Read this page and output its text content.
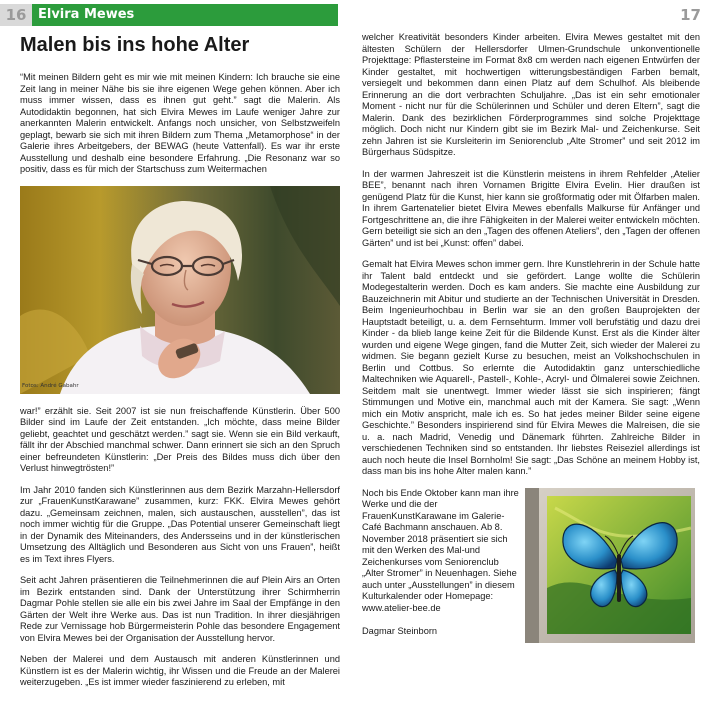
16 Elvira Mewes	17
Malen bis ins hohe Alter

“Mit meinen Bildern geht es mir wie mit meinen Kindern: Ich brauche sie eine Zeit lang in meiner Nähe bis sie ihre eigenen Wege gehen können. Aber ich muss immer wissen, dass es ihnen gut geht.” sagt die Malerin. Als Autodidaktin begonnen, hat sich Elvira Mewes im Laufe weniger Jahre zur anerkannten Malerin entwickelt. Anfangs noch unsicher, von Selbstzweifeln geplagt, bewarb sie sich mit ihren Bildern zum Thema „Metamorphose“ in der Galerie ihres Arbeitgebers, der BEWAG (heute Vattenfall). Es war ihr erste Ausstellung und deshalb eine besondere Erfahrung. „Die Resonanz war so positiv, dass es für mich der Startschuss zum Weitermachen

Fotos: André Gabahr

war!” erzählt sie. Seit 2007 ist sie nun freischaffende Künstlerin. Über 500 Bilder sind im Laufe der Zeit entstanden. „Ich möchte, dass meine Bilder geliebt, geachtet und geschätzt werden.” sagt sie. Wenn sie ein Bild verkauft, fällt ihr der Abschied manchmal schwer. Dann erinnert sie sich an den Spruch einer befreundeten Künstlerin: „Der Preis des Bildes muss dich über den Verlust hinwegtrösten!”

Im Jahr 2010 fanden sich Künstlerinnen aus dem Bezirk Marzahn-Hellersdorf zur „FrauenKunstKarawane” zusammen, kurz: FKK. Elvira Mewes gehört dazu. „Gemeinsam zeichnen, malen, sich austauschen, ausstellen”, das ist noch immer wichtig für die Gruppe. „Das Potential unserer Gemeinschaft liegt in der Dynamik des Miteinanders, des Andersseins und in der künstlerischen Umsetzung des Alltäglich und Besonderen aus Sicht von uns Frauen”, heißt es im Text ihres Flyers.

Seit acht Jahren präsentieren die Teilnehmerinnen die auf Plein Airs an Orten im Bezirk entstanden sind. Dank der Unterstützung ihrer Schirmherrin Dagmar Pohle stellen sie alle ein bis zwei Jahre im Saal der Empfänge in den Gärten der Welt ihre Werke aus. Das ist nun Tradition. In ihrer diesjährigen Rede zur Vernissage hob Bürgermeisterin Pohle das besondere Engagement von Elvira Mewes bei der Organisation der Ausstellung hervor.

Neben der Malerei und dem Austausch mit anderen Künstlerinnen und Künstlern ist es der Malerin wichtig, ihr Wissen und die Freude an der Malerei weiterzugeben. „Es ist immer wieder faszinierend zu erleben, mit

welcher Kreativität besonders Kinder arbeiten. Elvira Mewes gestaltet mit den ältesten Schülern der Hellersdorfer Ulmen-Grundschule unkonventionelle Projekttage: Pflastersteine im Format 8x8 cm werden nach eigenen Entwürfen der Kinder gestaltet, mit hochwertigen witterungsbeständigen Farben bemalt, versiegelt und bekommen dann einen Platz auf dem Schulhof. Als bleibende Erinnerung an die dort verbrachten Schuljahre. „Das ist ein sehr emotionaler Moment - nicht nur für die Schülerinnen und Schüler und deren Eltern”, sagt die Malerin. Dank des bezirklichen Förderprogrammes sind solche Projekttage möglich. Doch nicht nur Kindern gibt sie im Bezirk Mal- und Zeichenkurse. Seit zehn Jahren ist sie Kursleiterin im Seniorenclub „Alte Stromer” und seit 2012 im Bürgerhaus Südspitze.

In der warmen Jahreszeit ist die Künstlerin meistens in ihrem Rehfelder „Atelier BEE”, benannt nach ihren Vornamen Brigitte Elvira Evelin. Hier draußen ist genügend Platz für die Kunst, hier kann sie großformatig oder mit Ölfarben malen. In ihrem Gartenatelier bietet Elvira Mewes ebenfalls Malkurse für Anfänger und Fortgeschrittene an, die ihre Fähigkeiten in der Malerei weiter entwickeln möchten. Gern beteiligt sie sich an den „Tagen des offenen Ateliers”, den „Tagen der offenen Gärten” und ist bei „Kunst: offen” dabei.

Gemalt hat Elvira Mewes schon immer gern. Ihre Kunstlehrerin in der Schule hatte ihr Talent bald entdeckt und sie gefördert. Lange wollte die Schülerin Modegestalterin werden. Doch es kam anders. Sie machte eine Ausbildung zur Bauzeichnerin mit Abitur und studierte an der Technischen Universität in Dresden. Beim Ingenieurhochbau in Berlin war sie an den großen Bauprojekten der Hauptstadt beteiligt, u. a. dem Fernsehturm. Immer voll berufstätig und dazu drei Kinder - da blieb lange keine Zeit für die Bildende Kunst. Erst als die Kinder älter wurden und eigene Wege gingen, fand die Mutter Zeit, sich wieder der Malerei zu widmen. Sie begann gezielt Kurse zu besuchen, meist an Volkshochschulen in Berlin und Cottbus. So erlernte die Autodidaktin ganz unterschiedliche Maltechniken wie Aquarell-, Pastell-, Kohle-, Acryl- und Ölmalerei sowie Zeichnen. Seitdem malt sie unentwegt. Immer wieder lässt sie sich inspirieren; fängt Stimmungen und Motive ein, manchmal auch mit der Kamera. Sie sagt: „Wenn mich ein Motiv anspricht, male ich es. So hat jedes meiner Bilder seine eigene Geschichte.” Besonders inspirierend sind für Elvira Mewes die Malreisen, die sie u. a. nach Madrid, Venedig und Dänemark führten. Zahlreiche Bilder in verschiedenen Techniken sind so entstanden. Ihr liebstes Reiseziel allerdings ist auch noch heute die Insel Bornholm! Sie sagt: „Das Schöne an meinem Hobby ist, dass man bis ins hohe Alter malen kann.”

Noch bis Ende Oktober kann man ihre Werke und die der FrauenKunstKarawane im Galerie-Café Bachmann anschauen. Ab 8. November 2018 präsentiert sie sich mit den Werken des Mal-und Zeichenkurses vom Seniorenclub „Alter Stromer” in Neuenhagen. Siehe auch unter „Ausstellungen” in diesem Kulturkalender oder Homepage: www.atelier-bee.de

Dagmar Steinborn
